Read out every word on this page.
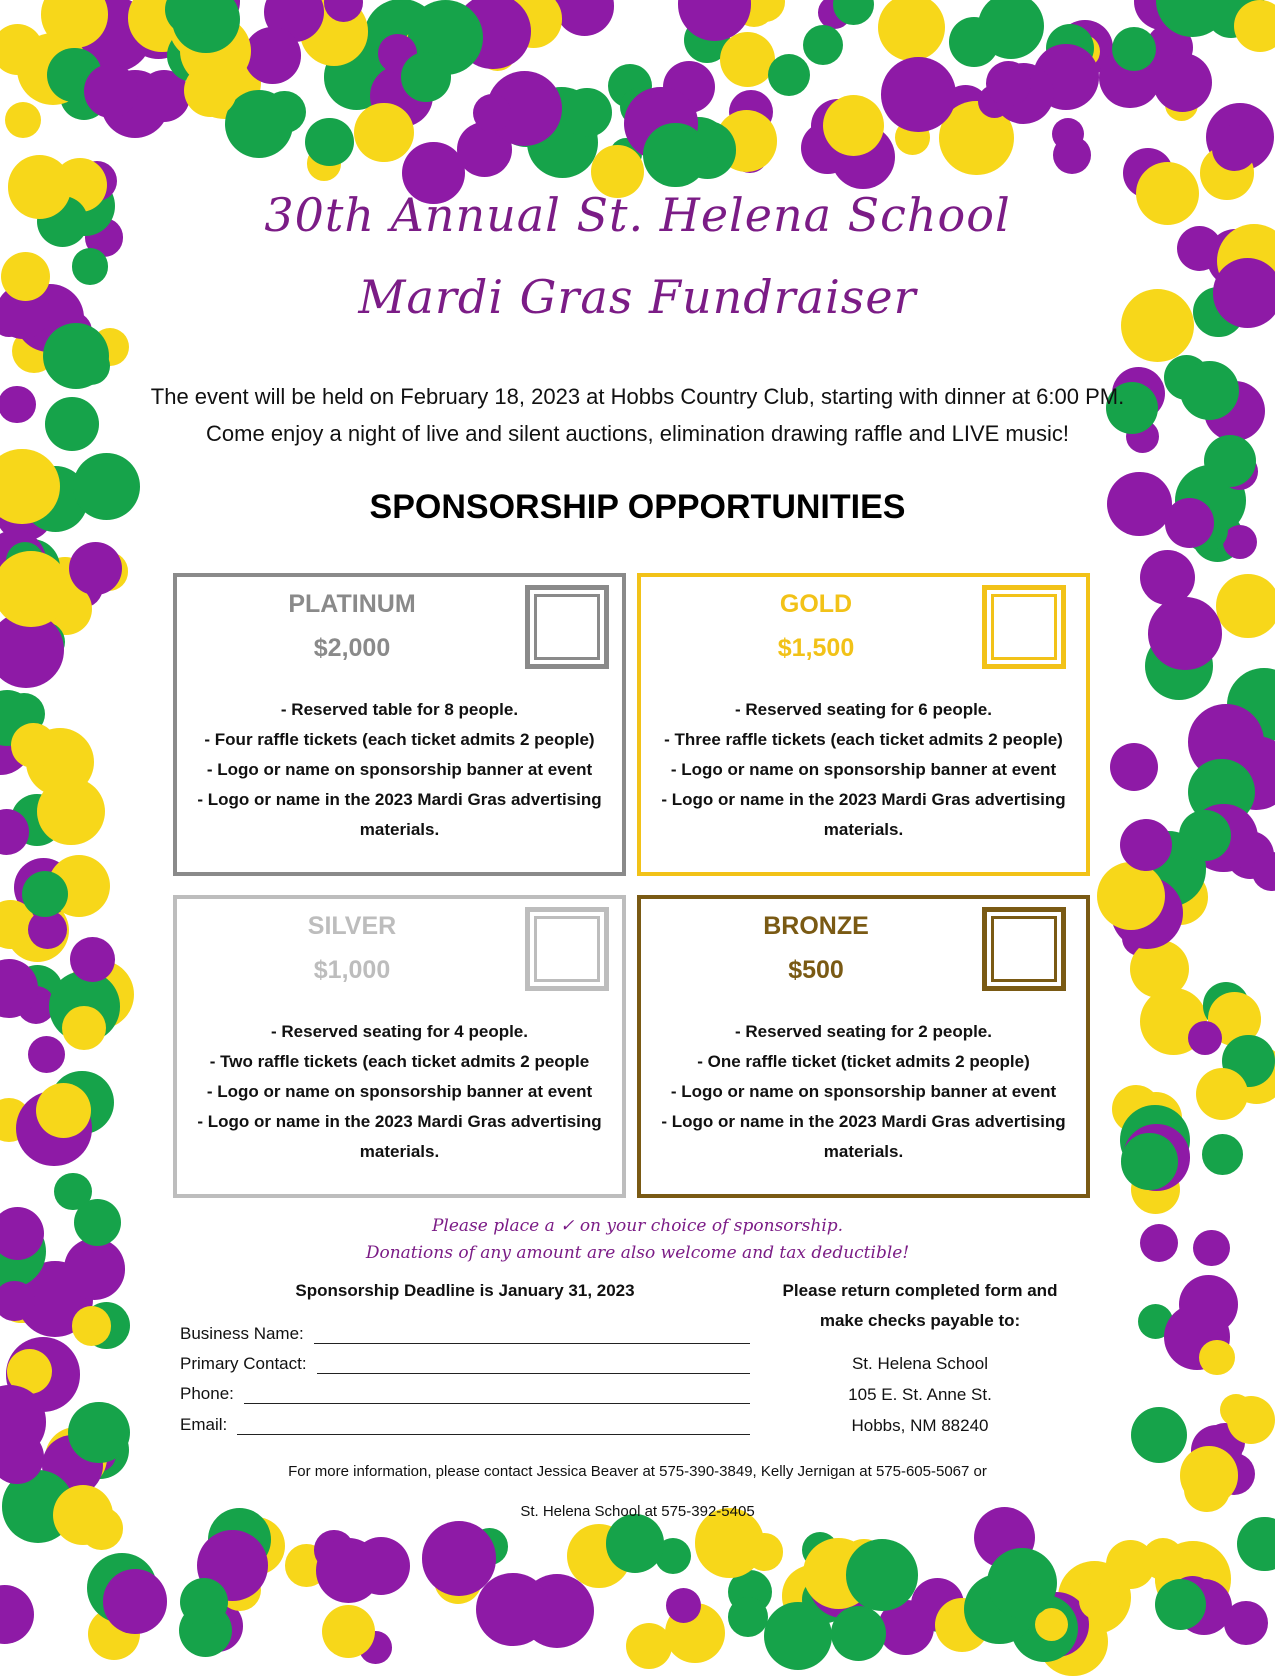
30th Annual St. Helena School
Mardi Gras Fundraiser
The event will be held on February 18, 2023 at Hobbs Country Club, starting with dinner at 6:00 PM.
Come enjoy a night of live and silent auctions, elimination drawing raffle and LIVE music!
SPONSORSHIP OPPORTUNITIES
PLATINUM
$2,000
- Reserved table for 8 people.
- Four raffle tickets (each ticket admits 2 people)
- Logo or name on sponsorship banner at event
- Logo or name in the 2023 Mardi Gras advertising
materials.
GOLD
$1,500
- Reserved seating for 6 people.
- Three raffle tickets (each ticket admits 2 people)
- Logo or name on sponsorship banner at event
- Logo or name in the 2023 Mardi Gras advertising
materials.
SILVER
$1,000
- Reserved seating for 4 people.
- Two raffle tickets (each ticket admits 2 people
- Logo or name on sponsorship banner at event
- Logo or name in the 2023 Mardi Gras advertising
materials.
BRONZE
$500
- Reserved seating for 2 people.
- One raffle ticket (ticket admits 2 people)
- Logo or name on sponsorship banner at event
- Logo or name in the 2023 Mardi Gras advertising
materials.
Please place a ✓ on your choice of sponsorship.
Donations of any amount are also welcome and tax deductible!
Sponsorship Deadline is January 31, 2023	Please return completed form and
make checks payable to:
Business Name:
Primary Contact:
Phone:
Email:
St. Helena School
105 E. St. Anne St.
Hobbs, NM 88240
For more information, please contact Jessica Beaver at 575-390-3849, Kelly Jernigan at 575-605-5067 or
St. Helena School at 575-392-5405
